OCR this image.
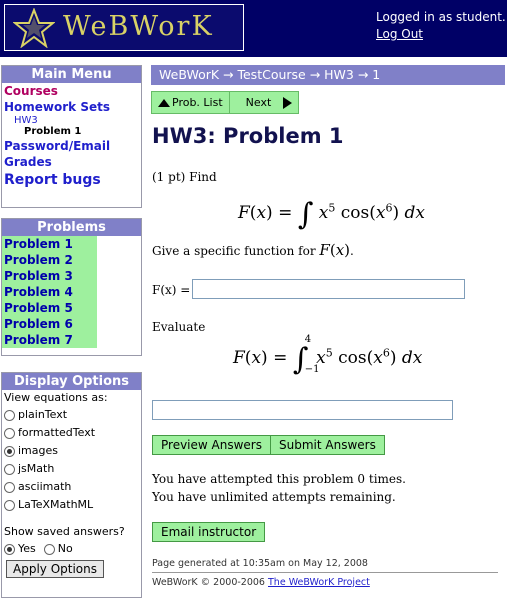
WeBWorK	Logged in as student.
Log Out
Main Menu
Courses
Homework Sets
HW3
Problem 1
Password/Email
Grades
Report bugs
Problems
Problem 1
Problem 2
Problem 3
Problem 4
Problem 5
Problem 6
Problem 7
Display Options
View equations as:
plainText
formattedText
images
jsMath
asciimath
LaTeXMathML
Show saved answers?
Yes No
Apply Options
WeBWorK → TestCourse → HW3 → 1
Prob. List Next
HW3: Problem 1
(1 pt) Find
F(x) = ∫ $x^5$ $\cos(x^6)$ dx
Give a specific function for F(x).
F(x) =
Evaluate
F(x) = ∫
4
−1
$x^5$ $\cos(x^6)$ dx
Preview Answers	Submit Answers
You have attempted this problem 0 times.
You have unlimited attempts remaining.
Email instructor
Page generated at 10:35am on May 12, 2008
WeBWorK © 2000-2006 The WeBWorK Project
